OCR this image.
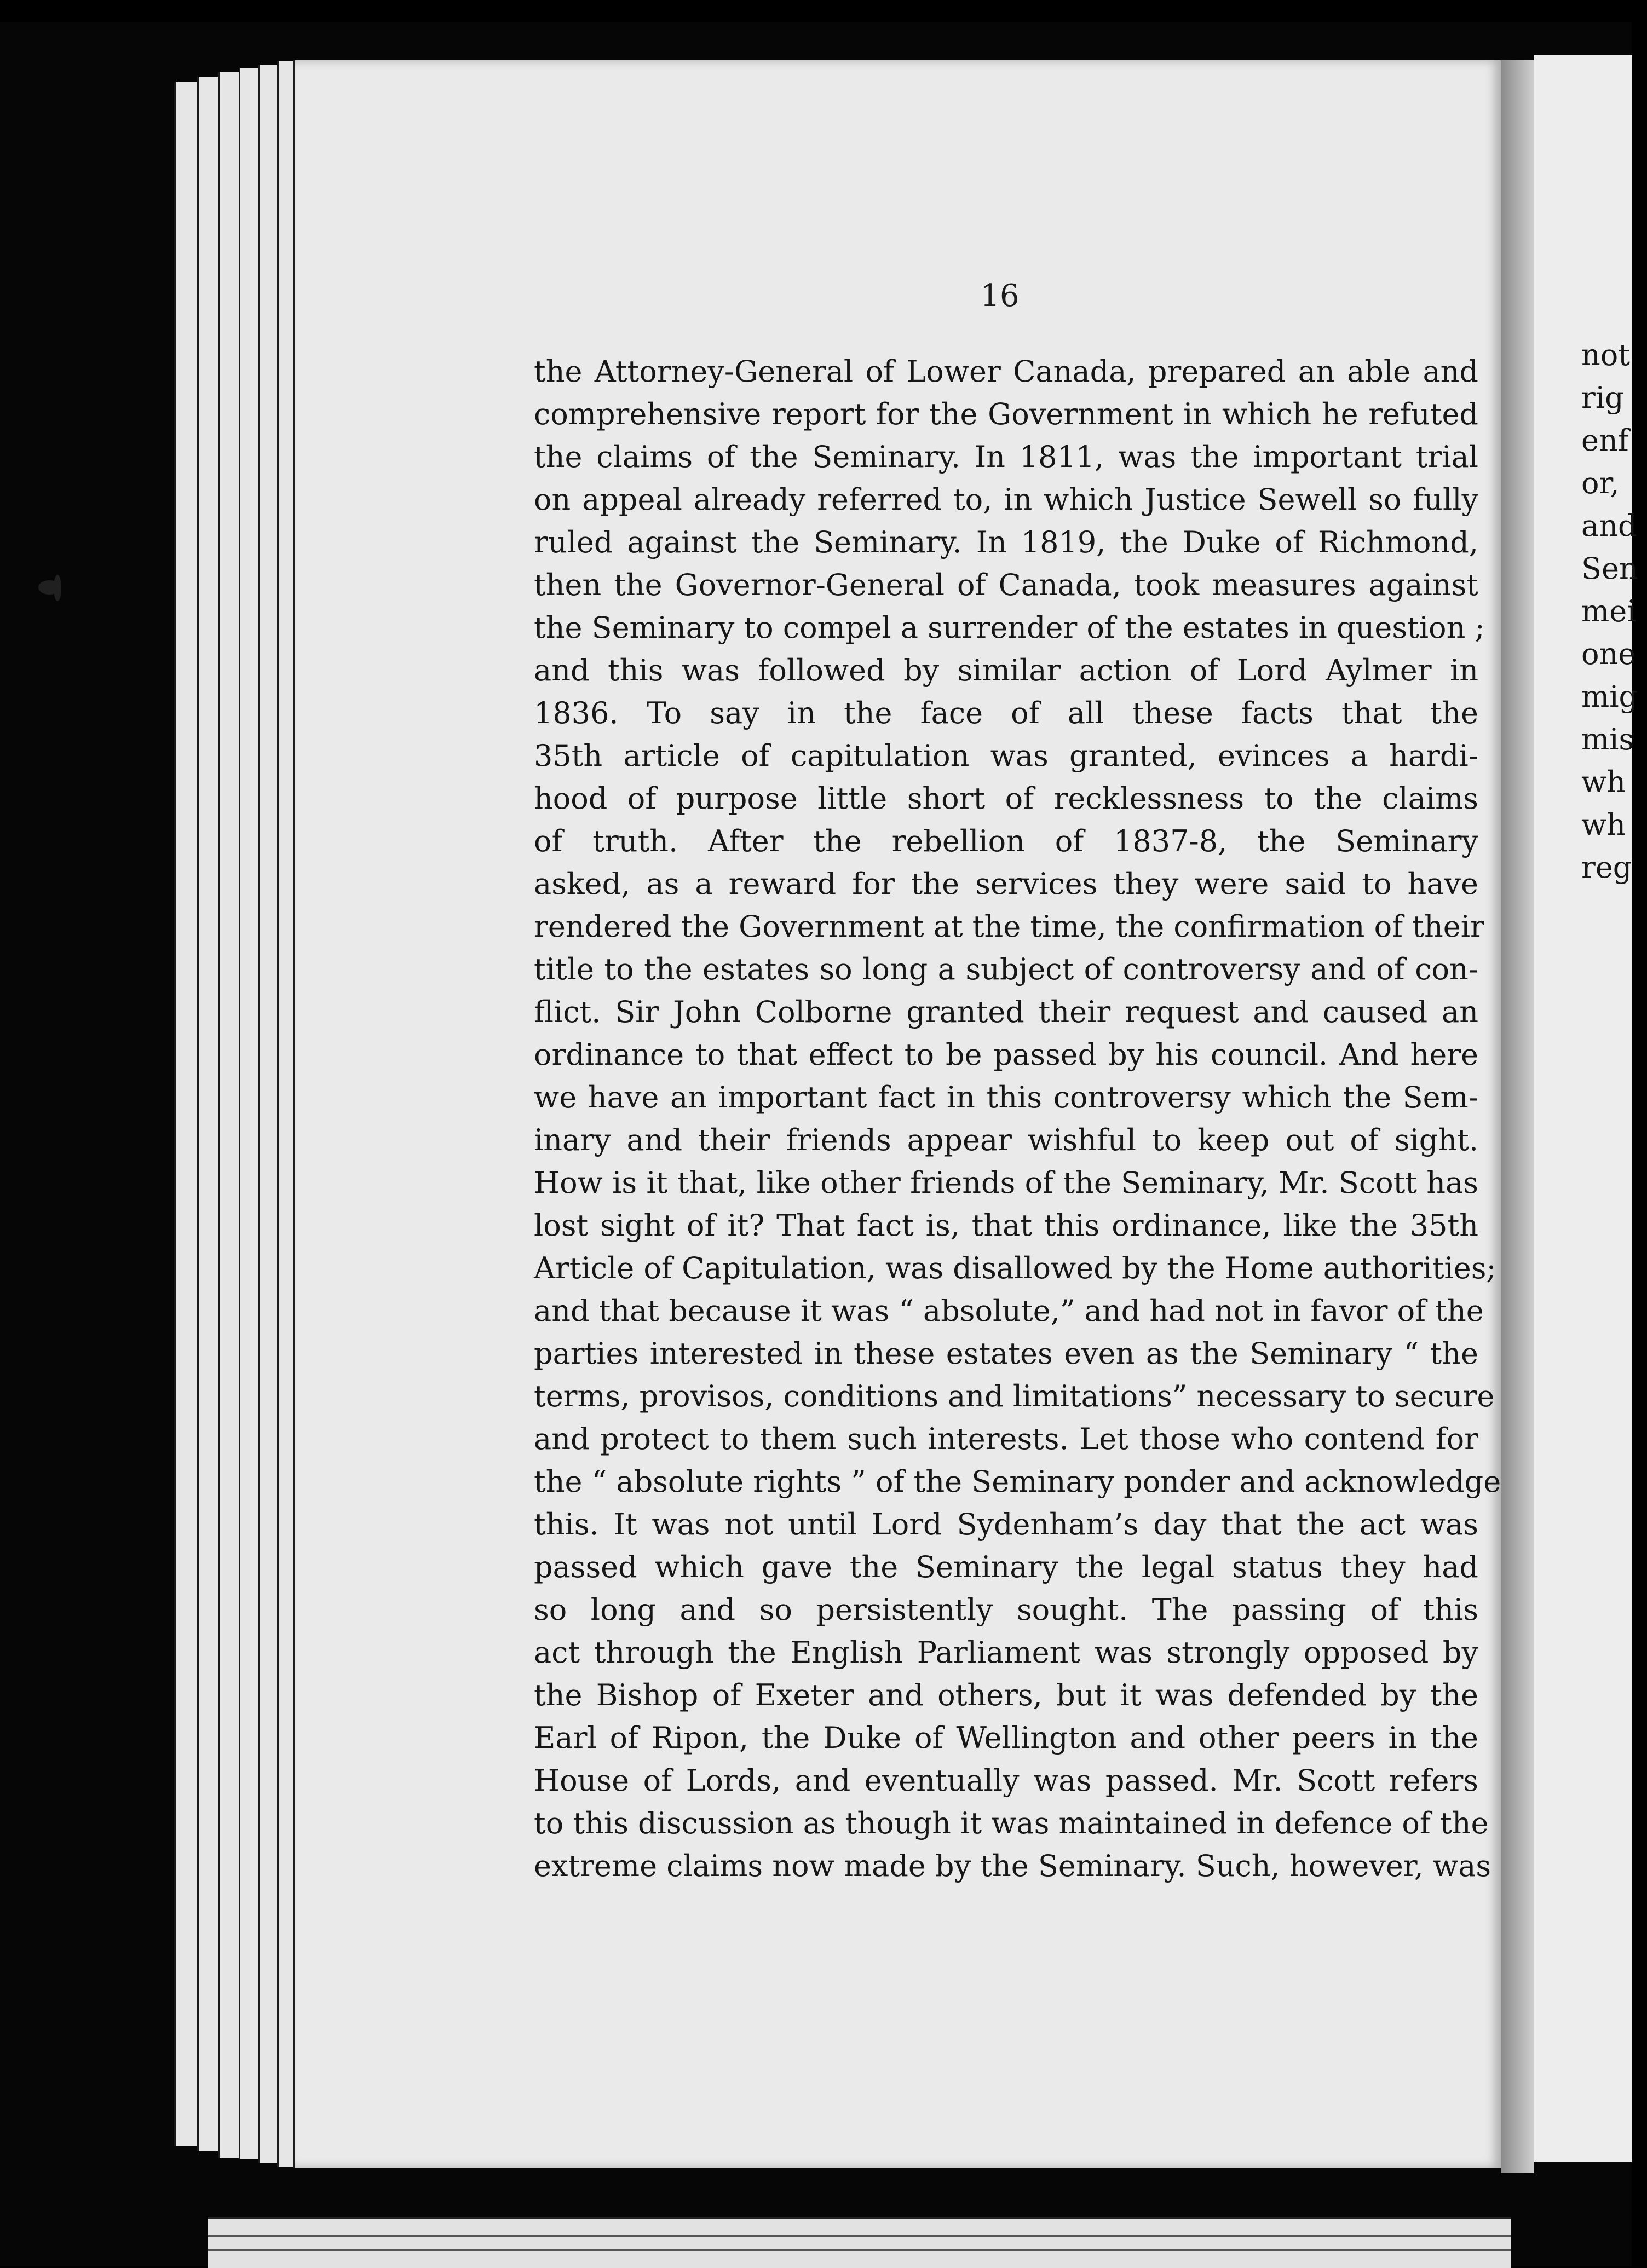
16
the Attorney-General of Lower Canada, prepared an able and
comprehensive report for the Government in which he refuted
the claims of the Seminary. In 1811, was the important trial
on appeal already referred to, in which Justice Sewell so fully
ruled against the Seminary. In 1819, the Duke of Richmond,
then the Governor-General of Canada, took measures against
the Seminary to compel a surrender of the estates in question ;
and this was followed by similar action of Lord Aylmer in
1836. To say in the face of all these facts that the
35th article of capitulation was granted, evinces a hardi-
hood of purpose little short of recklessness to the claims
of truth. After the rebellion of 1837-8, the Seminary
asked, as a reward for the services they were said to have
rendered the Government at the time, the confirmation of their
title to the estates so long a subject of controversy and of con-
flict. Sir John Colborne granted their request and caused an
ordinance to that effect to be passed by his council. And here
we have an important fact in this controversy which the Sem-
inary and their friends appear wishful to keep out of sight.
How is it that, like other friends of the Seminary, Mr. Scott has
lost sight of it? That fact is, that this ordinance, like the 35th
Article of Capitulation, was disallowed by the Home authorities;
and that because it was “ absolute,” and had not in favor of the
parties interested in these estates even as the Seminary “ the
terms, provisos, conditions and limitations” necessary to secure
and protect to them such interests. Let those who contend for
the “ absolute rights ” of the Seminary ponder and acknowledge
this. It was not until Lord Sydenham’s day that the act was
passed which gave the Seminary the legal status they had
so long and so persistently sought. The passing of this
act through the English Parliament was strongly opposed by
the Bishop of Exeter and others, but it was defended by the
Earl of Ripon, the Duke of Wellington and other peers in the
House of Lords, and eventually was passed. Mr. Scott refers
to this discussion as though it was maintained in defence of the
extreme claims now made by the Seminary. Such, however, was
not
rig
enf
or,
and
Sen
mei
one
mig
mis
wh
wh
reg
